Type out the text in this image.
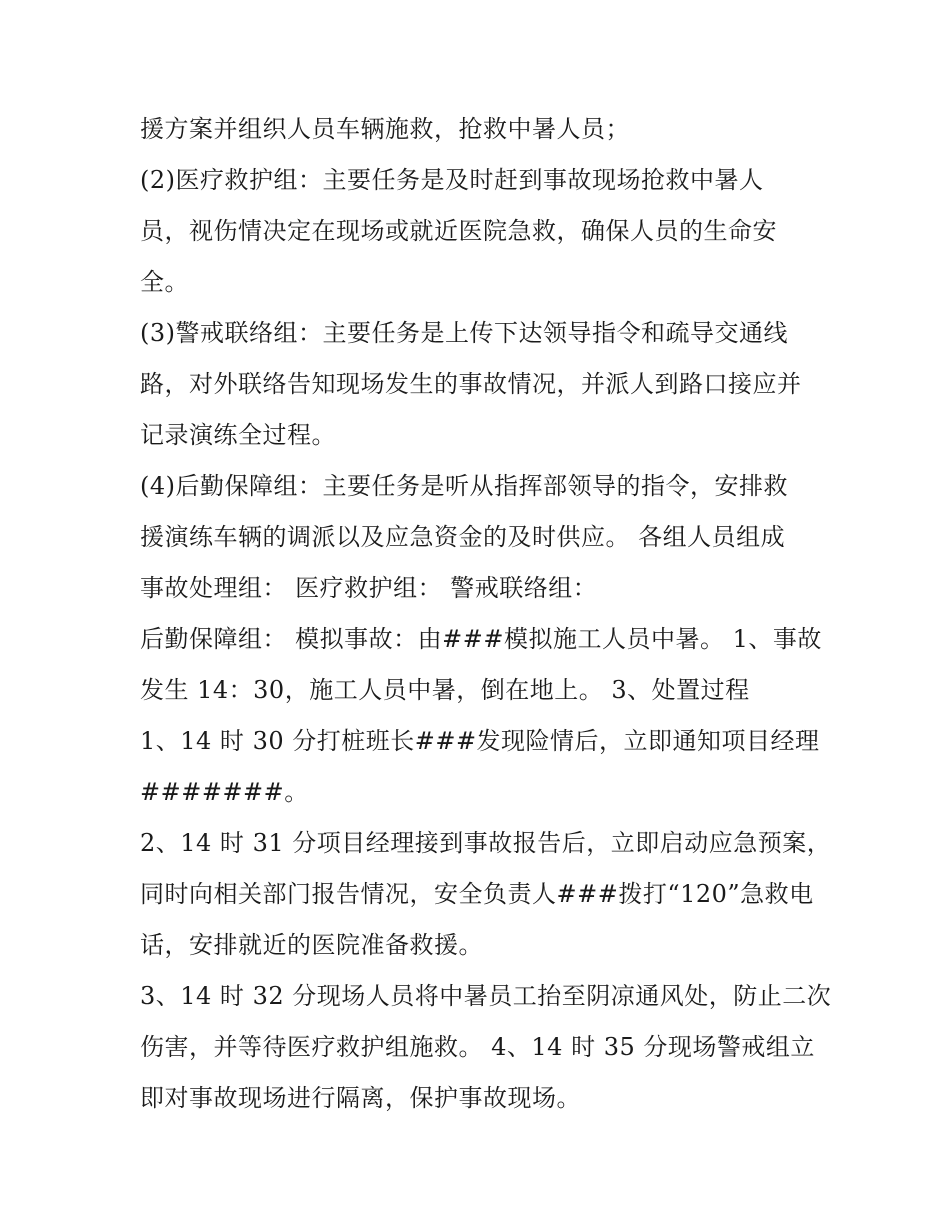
援方案并组织人员车辆施救，抢救中暑人员；
(2)医疗救护组：主要任务是及时赶到事故现场抢救中暑人
员，视伤情决定在现场或就近医院急救，确保人员的生命安
全。
(3)警戒联络组：主要任务是上传下达领导指令和疏导交通线
路，对外联络告知现场发生的事故情况，并派人到路口接应并
记录演练全过程。
(4)后勤保障组：主要任务是听从指挥部领导的指令，安排救
援演练车辆的调派以及应急资金的及时供应。 各组人员组成
事故处理组： 医疗救护组： 警戒联络组：
后勤保障组： 模拟事故：由###模拟施工人员中暑。 1、事故
发生 14：30，施工人员中暑，倒在地上。 3、处置过程
1、14 时 30 分打桩班长###发现险情后，立即通知项目经理
#######。
2、14 时 31 分项目经理接到事故报告后，立即启动应急预案，
同时向相关部门报告情况，安全负责人###拨打“120”急救电
话，安排就近的医院准备救援。
3、14 时 32 分现场人员将中暑员工抬至阴凉通风处，防止二次
伤害，并等待医疗救护组施救。 4、14 时 35 分现场警戒组立
即对事故现场进行隔离，保护事故现场。
